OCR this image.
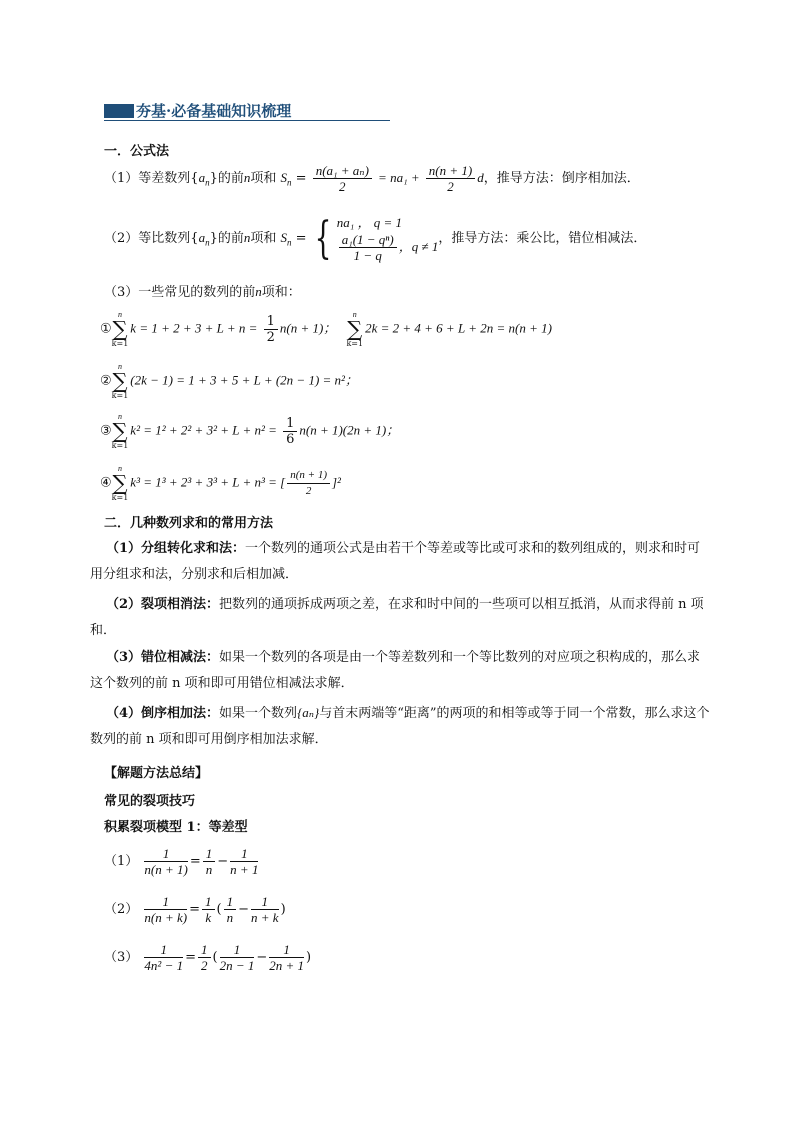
夯基·必备基础知识梳理
一．公式法
（1）等差数列$\{a_n\}$的前n项和 $S_n = \frac{\text{n(a₁ + aₙ)}}{2} = na_1 + \frac{n(n + 1)}{2}$ d，推导方法：倒序相加法．
（2）等比数列$\{a_n\}$的前n项和 $S_n$ = { na₁ ， q = 1
$\frac{\text{a₁(1 − qⁿ)}}{1 - q}$ ，q ≠ 1
，推导方法：乘公比，错位相减法．
（3）一些常见的数列的前n项和：
①
n
∑
k=1
$k = 1 + 2 + 3 + L + n = \frac{1}{2} n(n + 1)$；
n
∑
k=1
2k = 2 + 4 + 6 + L + 2n = n(n + 1)
②
n
∑
k=1
(2k − 1) = 1 + 3 + 5 + L + (2n − 1) = n²；
③
n
∑
k=1
$k^2 = 1^2 + 2^2 + 3^2 + L + n^2 = \frac{1}{6} n(n + 1)(2n + 1)$；
④
n
∑
k=1
k³ = 1³ + 2³ + 3³ + L + n³ = [ $\frac{n(n + 1)}{2} ]^2$
二．几种数列求和的常用方法
（1）分组转化求和法：一个数列的通项公式是由若干个等差或等比或可求和的数列组成的，则求和时可用分组求和法，分别求和后相加减．
（2）裂项相消法：把数列的通项拆成两项之差，在求和时中间的一些项可以相互抵消，从而求得前 n 项和．
（3）错位相减法：如果一个数列的各项是由一个等差数列和一个等比数列的对应项之积构成的，那么求这个数列的前 n 项和即可用错位相减法求解．
（4）倒序相加法：如果一个数列{aₙ}与首末两端等“距离”的两项的和相等或等于同一个常数，那么求这个数列的前 n 项和即可用倒序相加法求解．
【解题方法总结】
常见的裂项技巧
积累裂项模型 1：等差型
$(1) \frac{1}{n(n + 1)} = \frac{1}{n} - \frac{1}{n + 1}$
$(2) \frac{1}{n(n + k)} = \frac{1}{k}$ ( $\frac{1}{n} - \frac{1}{n + k}$ )
$(3) \frac{1}{\text{4n² − 1}} = \frac{1}{2}$ ( $\frac{1}{2n - 1} - \frac{1}{2n + 1}$ )
